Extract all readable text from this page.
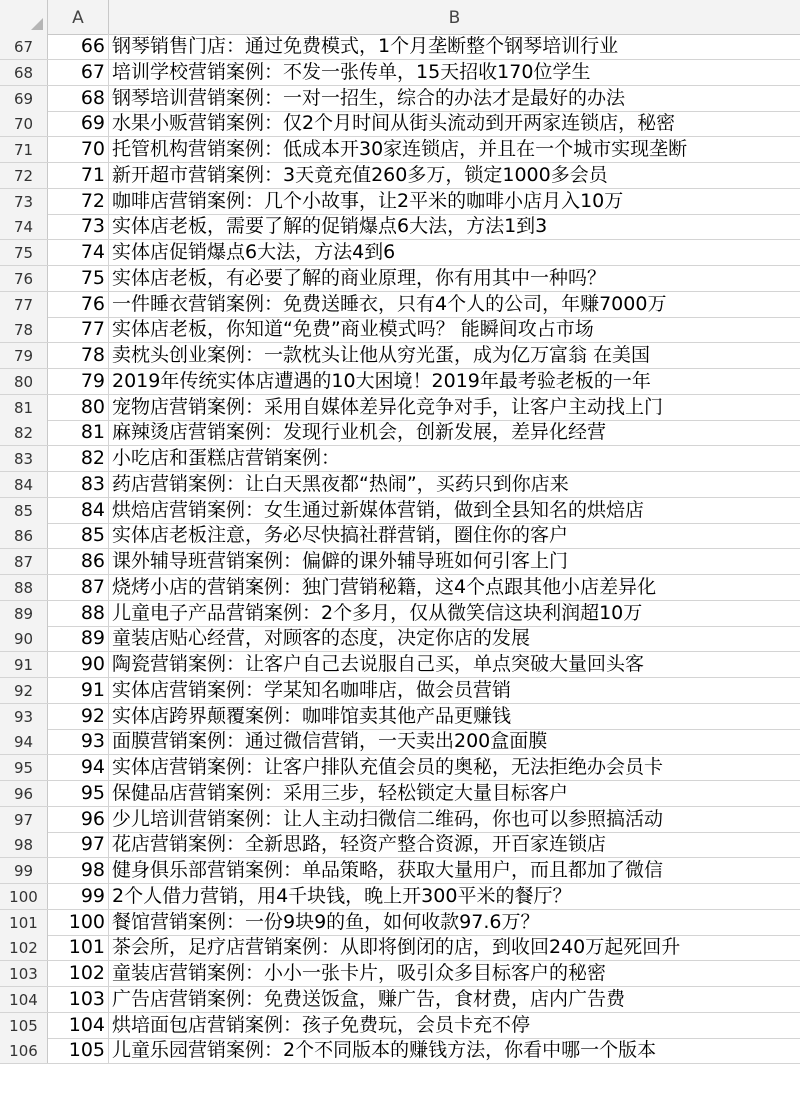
A	B
67	66 钢琴销售门店：通过免费模式，1个月垄断整个钢琴培训行业
68	67 培训学校营销案例：不发一张传单，15天招收170位学生
69	68 钢琴培训营销案例：一对一招生，综合的办法才是最好的办法
70	69 水果小贩营销案例：仅2个月时间从街头流动到开两家连锁店，秘密
71	70 托管机构营销案例：低成本开30家连锁店，并且在一个城市实现垄断
72	71 新开超市营销案例：3天竟充值260多万，锁定1000多会员
73	72 咖啡店营销案例：几个小故事，让2平米的咖啡小店月入10万
74	73 实体店老板，需要了解的促销爆点6大法，方法1到3
75	74 实体店促销爆点6大法，方法4到6
76	75 实体店老板，有必要了解的商业原理，你有用其中一种吗？
77	76 一件睡衣营销案例：免费送睡衣，只有4个人的公司，年赚7000万
78	77 实体店老板，你知道“免费”商业模式吗？ 能瞬间攻占市场
79	78 卖枕头创业案例：一款枕头让他从穷光蛋，成为亿万富翁 在美国
80	79 2019年传统实体店遭遇的10大困境！2019年最考验老板的一年
81	80 宠物店营销案例：采用自媒体差异化竞争对手，让客户主动找上门
82	81 麻辣烫店营销案例：发现行业机会，创新发展，差异化经营
83	82 小吃店和蛋糕店营销案例：
84	83 药店营销案例：让白天黑夜都“热闹”，买药只到你店来
85	84 烘焙店营销案例：女生通过新媒体营销，做到全县知名的烘焙店
86	85 实体店老板注意，务必尽快搞社群营销，圈住你的客户
87	86 课外辅导班营销案例：偏僻的课外辅导班如何引客上门
88	87 烧烤小店的营销案例：独门营销秘籍，这4个点跟其他小店差异化
89	88 儿童电子产品营销案例：2个多月，仅从微笑信这块利润超10万
90	89 童装店贴心经营，对顾客的态度，决定你店的发展
91	90 陶瓷营销案例：让客户自己去说服自己买，单点突破大量回头客
92	91 实体店营销案例：学某知名咖啡店，做会员营销
93	92 实体店跨界颠覆案例：咖啡馆卖其他产品更赚钱
94	93 面膜营销案例：通过微信营销，一天卖出200盒面膜
95	94 实体店营销案例：让客户排队充值会员的奥秘，无法拒绝办会员卡
96	95 保健品店营销案例：采用三步，轻松锁定大量目标客户
97	96 少儿培训营销案例：让人主动扫微信二维码，你也可以参照搞活动
98	97 花店营销案例：全新思路，轻资产整合资源，开百家连锁店
99	98 健身俱乐部营销案例：单品策略，获取大量用户，而且都加了微信
100	99 2个人借力营销，用4千块钱，晚上开300平米的餐厅？
101	100 餐馆营销案例：一份9块9的鱼，如何收款97.6万？
102	101 茶会所，足疗店营销案例：从即将倒闭的店，到收回240万起死回升
103	102 童装店营销案例：小小一张卡片，吸引众多目标客户的秘密
104	103 广告店营销案例：免费送饭盒，赚广告，食材费，店内广告费
105	104 烘培面包店营销案例：孩子免费玩，会员卡充不停
106	105 儿童乐园营销案例：2个不同版本的赚钱方法，你看中哪一个版本
